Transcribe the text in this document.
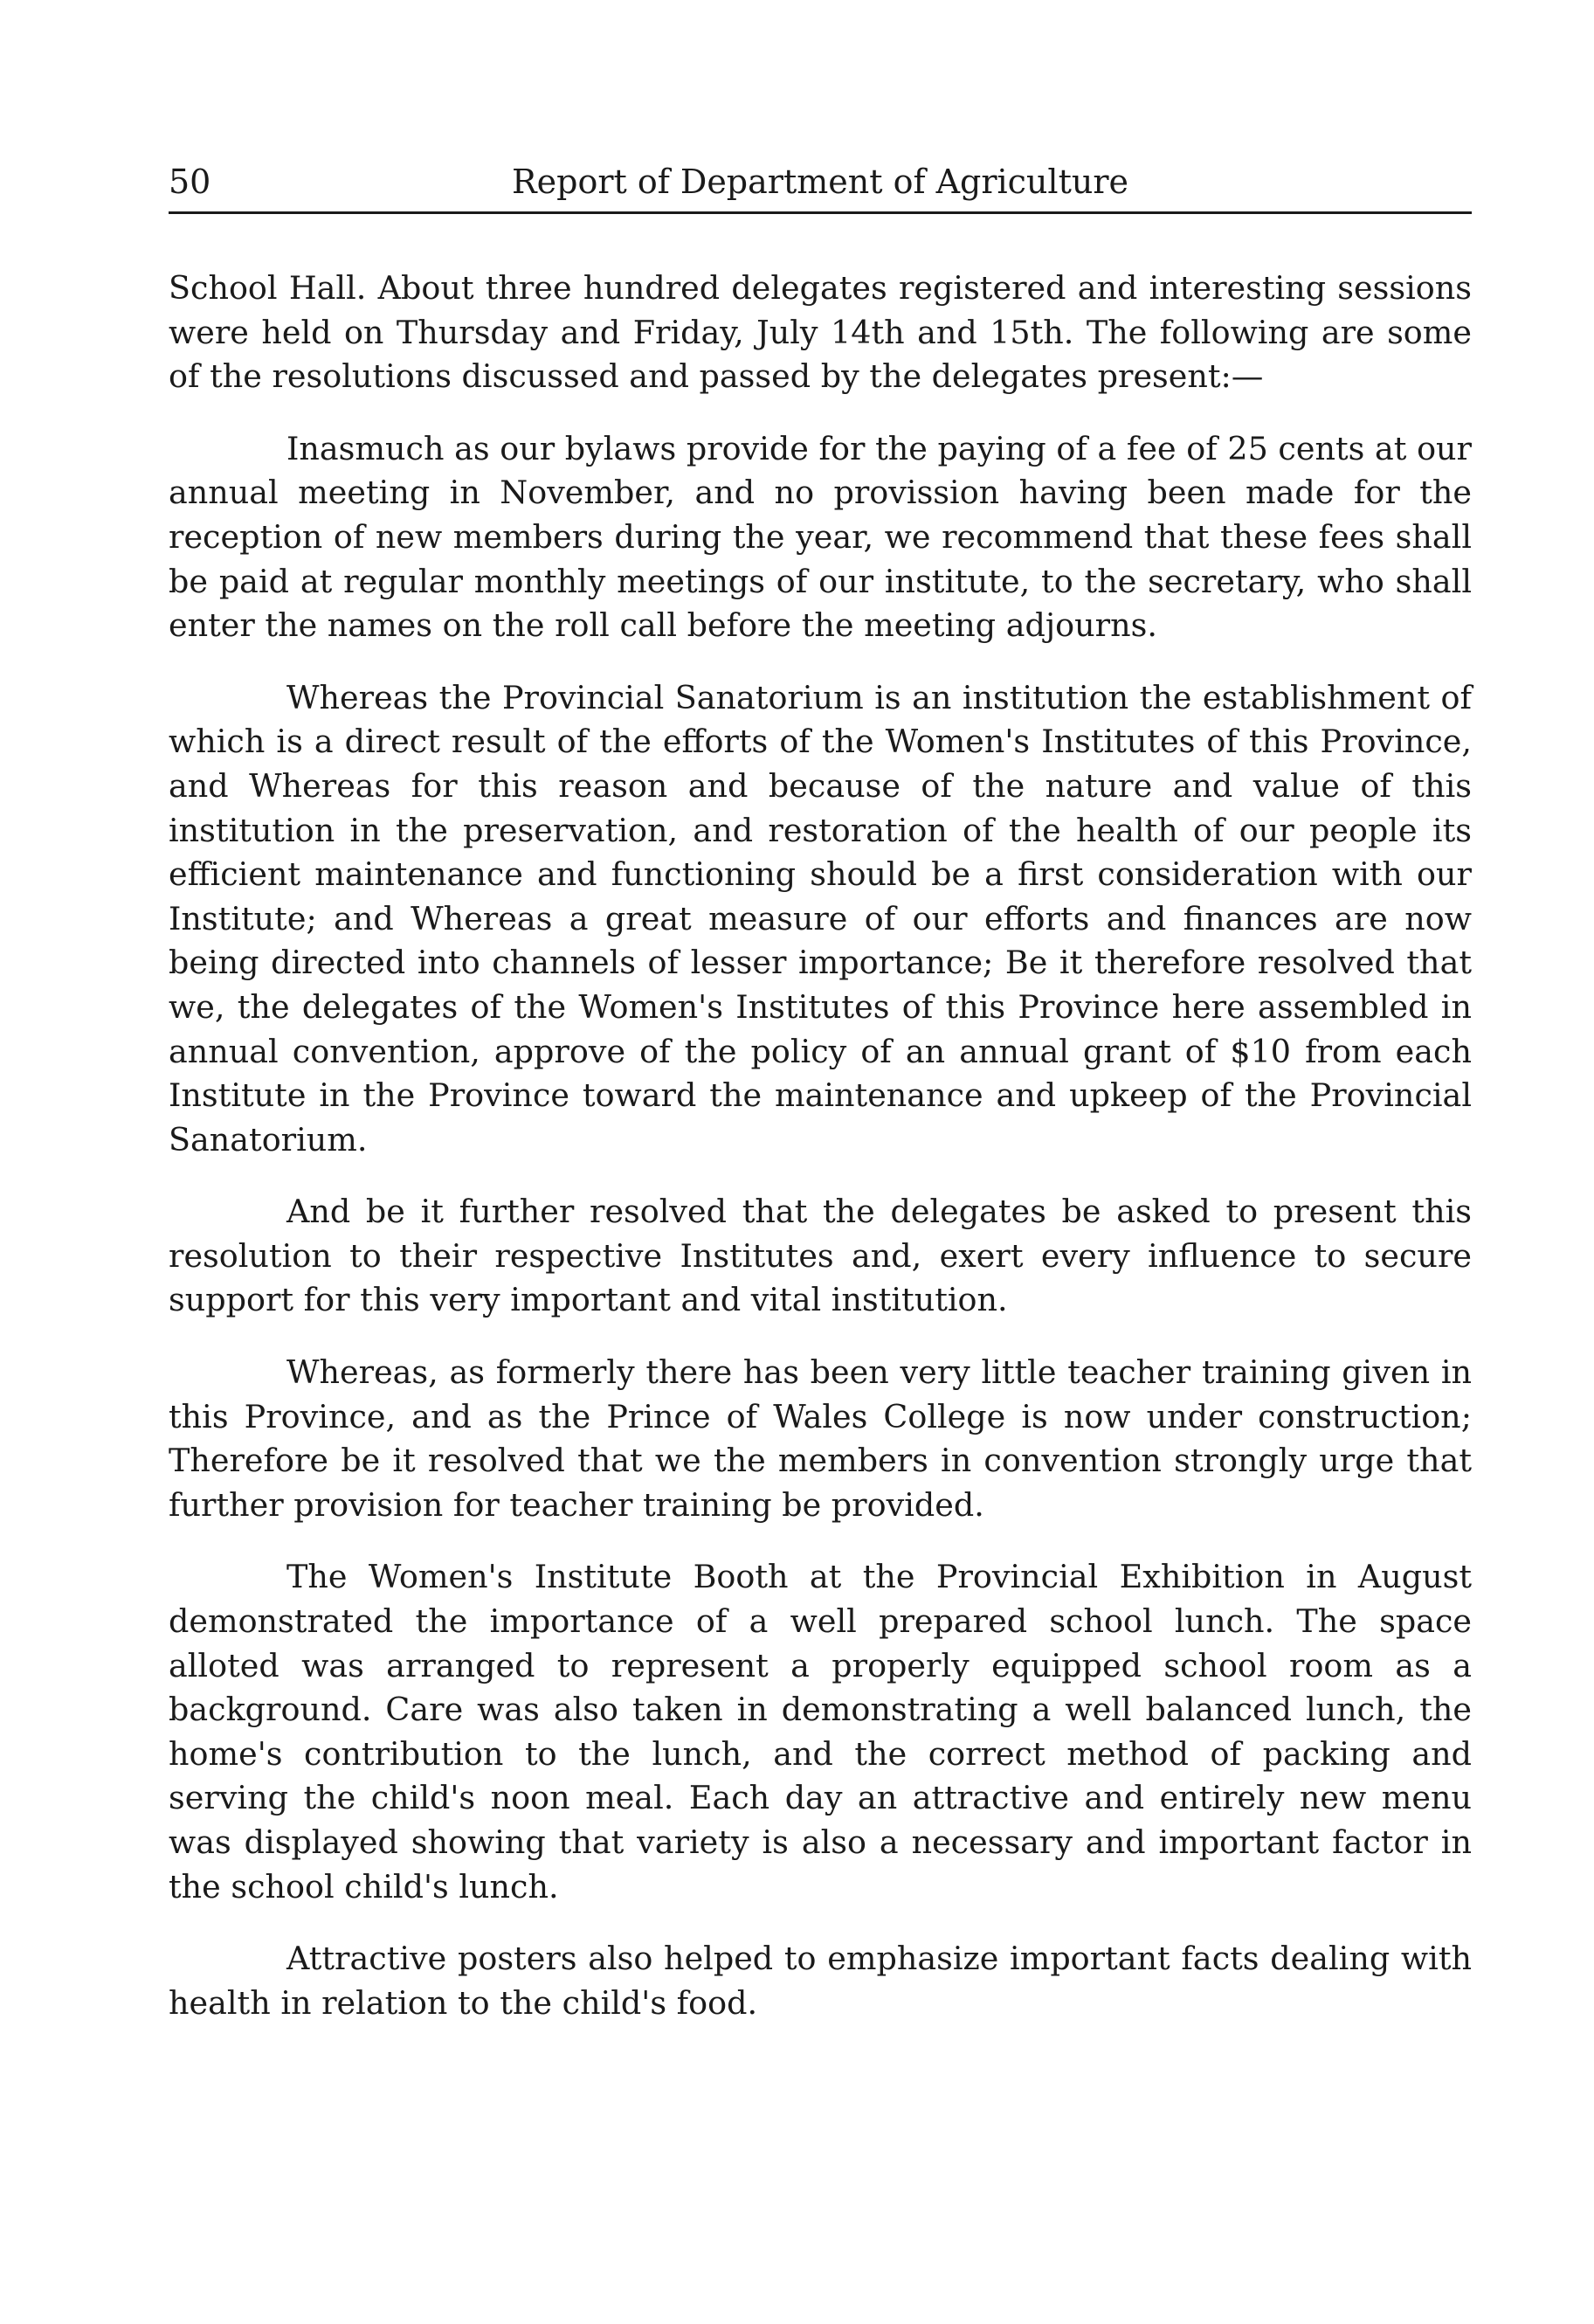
50	Report of Department of Agriculture

School Hall. About three hundred delegates registered and interesting sessions were held on Thursday and Friday, July 14th and 15th. The following are some of the resolutions discussed and passed by the delegates present:—

Inasmuch as our bylaws provide for the paying of a fee of 25 cents at our annual meeting in November, and no provission having been made for the reception of new members during the year, we recommend that these fees shall be paid at regular monthly meetings of our institute, to the secretary, who shall enter the names on the roll call before the meeting adjourns.

Whereas the Provincial Sanatorium is an institution the establishment of which is a direct result of the efforts of the Women's Institutes of this Province, and Whereas for this reason and because of the nature and value of this institution in the preservation, and restoration of the health of our people its efficient maintenance and functioning should be a first consideration with our Institute; and Whereas a great measure of our efforts and finances are now being directed into channels of lesser importance; Be it therefore resolved that we, the delegates of the Women's Institutes of this Province here assembled in annual convention, approve of the policy of an annual grant of $10 from each Institute in the Province toward the maintenance and upkeep of the Provincial Sanatorium.

And be it further resolved that the delegates be asked to present this resolution to their respective Institutes and, exert every influence to secure support for this very important and vital institution.

Whereas, as formerly there has been very little teacher training given in this Province, and as the Prince of Wales College is now under construction; Therefore be it resolved that we the members in convention strongly urge that further provision for teacher training be provided.

The Women's Institute Booth at the Provincial Exhibition in August demonstrated the importance of a well prepared school lunch. The space alloted was arranged to represent a properly equipped school room as a background. Care was also taken in demonstrating a well balanced lunch, the home's contribution to the lunch, and the correct method of packing and serving the child's noon meal. Each day an attractive and entirely new menu was displayed showing that variety is also a necessary and important factor in the school child's lunch.

Attractive posters also helped to emphasize important facts dealing with health in relation to the child's food.
